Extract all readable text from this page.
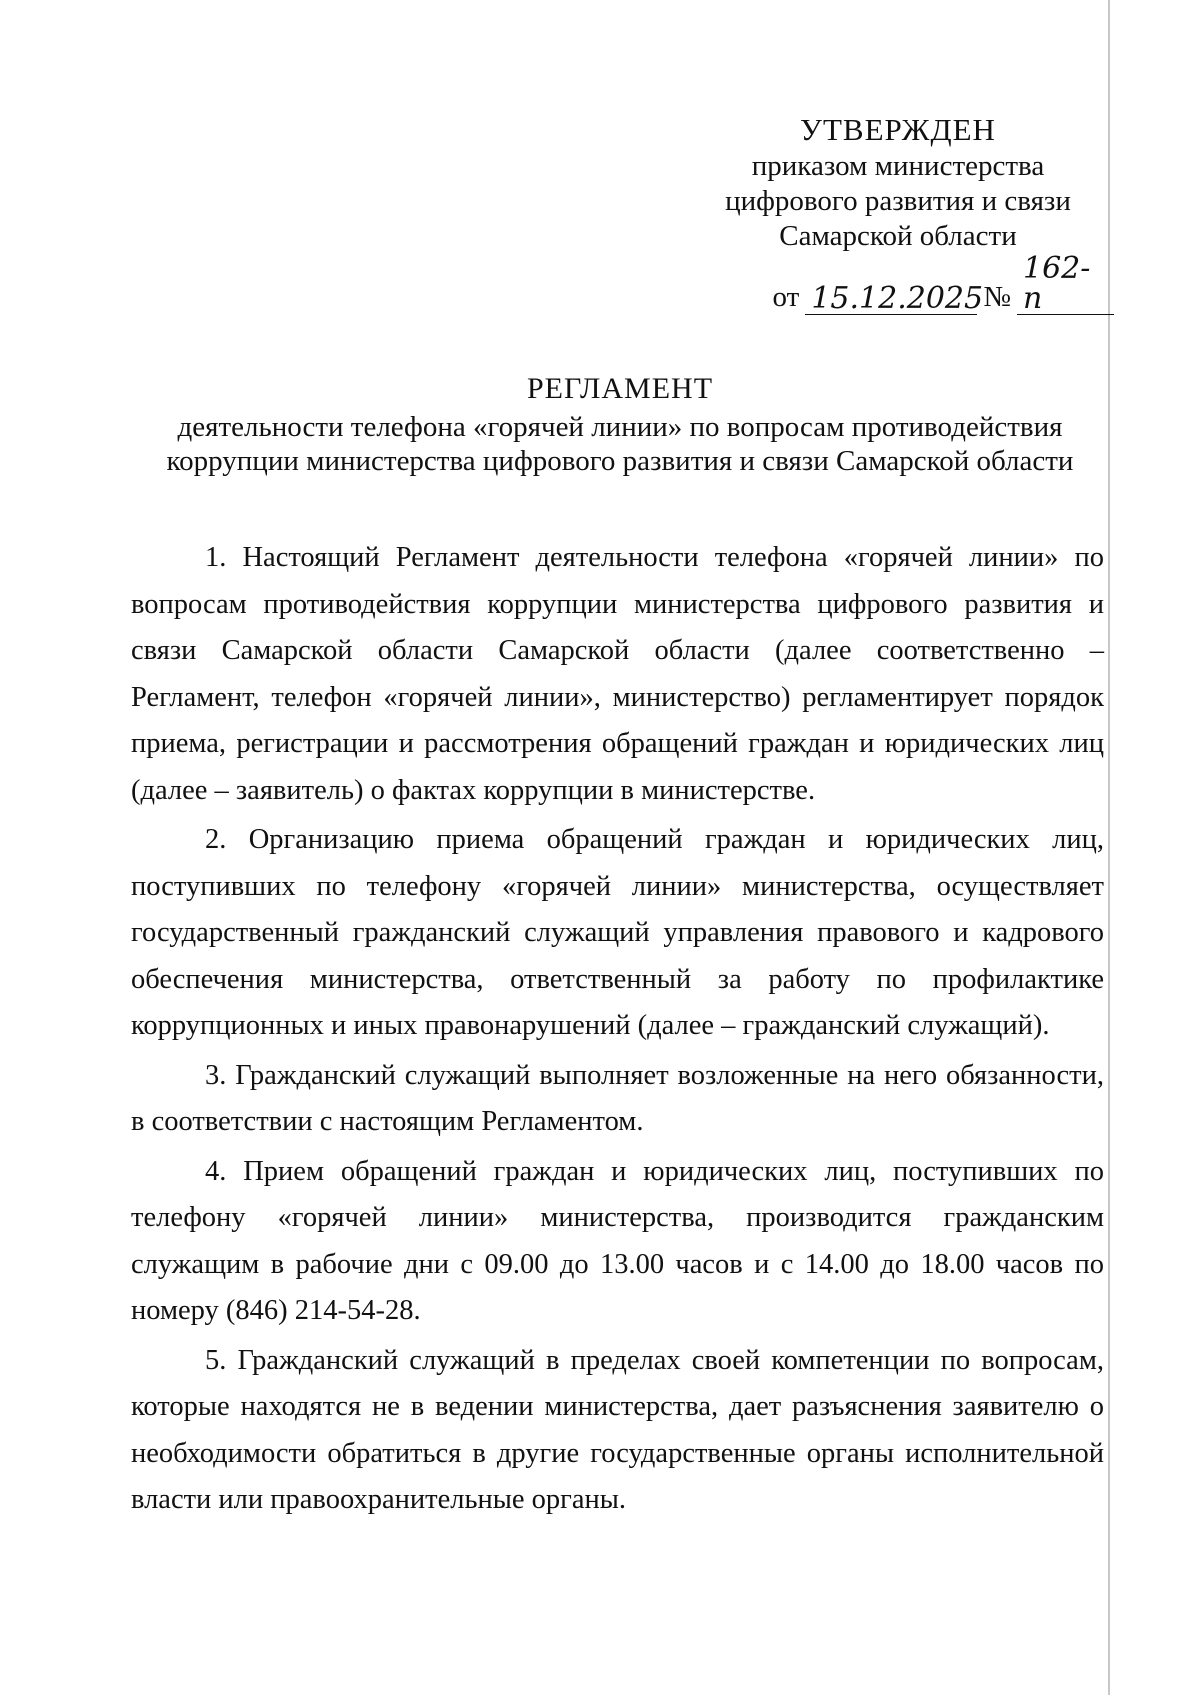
УТВЕРЖДЕН
приказом министерства
цифрового развития и связи
Самарской области
от 15.12.2025 №
162-п
РЕГЛАМЕНТ
деятельности телефона «горячей линии» по вопросам противодействия
коррупции министерства цифрового развития и связи Самарской области

1. Настоящий Регламент деятельности телефона «горячей линии» по вопросам противодействия коррупции министерства цифрового развития и связи Самарской области Самарской области (далее соответственно – Регламент, телефон «горячей линии», министерство) регламентирует порядок приема, регистрации и рассмотрения обращений граждан и юридических лиц (далее – заявитель) о фактах коррупции в министерстве.

2. Организацию приема обращений граждан и юридических лиц, поступивших по телефону «горячей линии» министерства, осуществляет государственный гражданский служащий управления правового и кадрового обеспечения министерства, ответственный за работу по профилактике коррупционных и иных правонарушений (далее – гражданский служащий).

3. Гражданский служащий выполняет возложенные на него обязанности, в соответствии с настоящим Регламентом.

4. Прием обращений граждан и юридических лиц, поступивших по телефону «горячей линии» министерства, производится гражданским служащим в рабочие дни с 09.00 до 13.00 часов и с 14.00 до 18.00 часов по номеру (846) 214-54-28.

5. Гражданский служащий в пределах своей компетенции по вопросам, которые находятся не в ведении министерства, дает разъяснения заявителю о необходимости обратиться в другие государственные органы исполнительной власти или правоохранительные органы.
